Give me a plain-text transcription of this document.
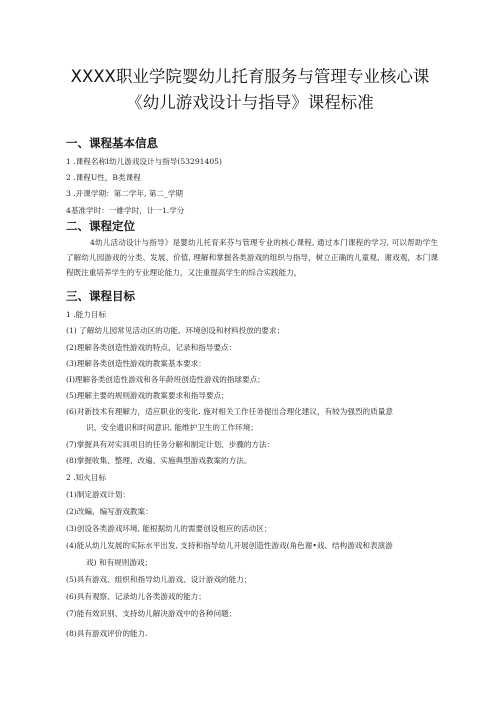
XXXX职业学院婴幼儿托育服务与管理专业核心课《幼儿游戏设计与指导》课程标准
一、课程基本信息
1 .课程名称I幼儿游戏设计与指导(53291405)
2 .课程U性，B类课程
3 .开课学期：第二学年, 第二_学期
4基准学时：一維学时，计一1.学分
二、课程定位
4幼儿活动设计与指导》是婴幼儿托育来芬与管理专业的核心课程, 通过本门课程的学习, 可以帮助学生了解幼儿园游戏的分类、发展、价值, 理解和掌握各类游戏的组织与指导，树立正确的儿童观、谢戏观，本门课程既注重培养学生的专业理论能力，又注重提高学生的综合实践能力，
三、课程目标
1 .能力目标
(1) 了解幼儿园常见活动区的功能、环境创设和材料投放的要求；
(2)理解各类创造性游戏的特点、记录和指导要点：
(3)理解各类创造性游戏的教案基本要求：
(I)理解各类创造性游戏和各年龄班创造性游戏的指球要点；
(5)理解主要的规则游戏的教案要求和指导要点；
(6)对新技术有理解力，适应职业的变化. 施对相关工作任务提出合理化建议，有较为强烈的质量意
识、安全遗识和时间意识, 能维护卫生的工作环境；
(7)掌握具有对实训项目的任务分解和制定计划、步骤的方法：
(8)掌握收集、整理、改遍、实施典型游戏教案的方法。
2 .知火目标
(1)制定游戏计划：
(2)改編、编写游戏教案：
(3)创设各类游戏环境, 能根据幼儿的需要创设相应的活动区；
(4)能从幼儿发展的实际水平出发, 支持和指导幼儿开展创造性游戏(角色谢•戏、结构游戏和表演游
戏) 和有规则游戏；
(5)具有游戏、组织和指导幼儿游戏、设计游戏的能力；
(6)具有观察、记录幼儿各类游戏的能力；
(7)能有效识别、支持幼儿解决游戏中的各种问题；
(8)具有游戏评价的能力.
